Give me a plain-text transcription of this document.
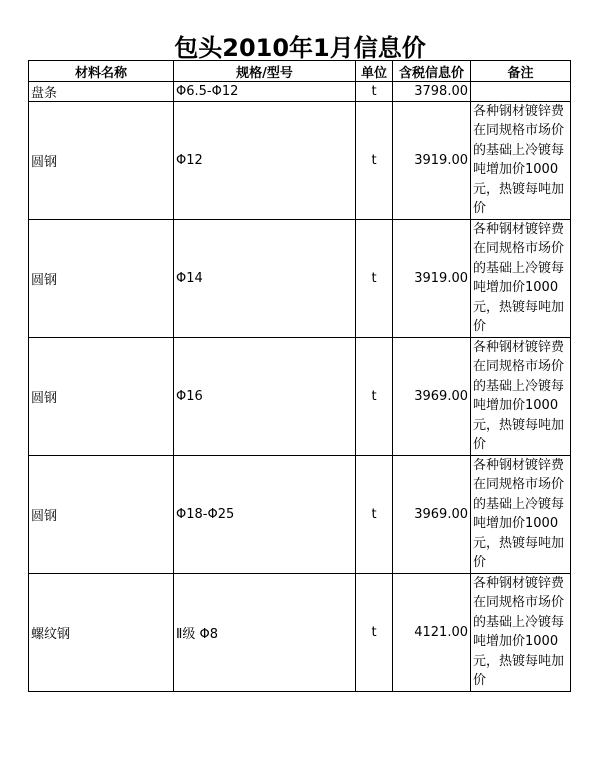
包头2010年1月信息价
材料名称	规格/型号	单位	含税信息价	备注
盘条	Φ6.5-Φ12	t	3798.00	
圆钢	Φ12	t	3919.00	各种钢材镀锌费在同规格市场价的基础上冷镀每吨增加价1000元，热镀每吨加价
圆钢	Φ14	t	3919.00	各种钢材镀锌费在同规格市场价的基础上冷镀每吨增加价1000元，热镀每吨加价
圆钢	Φ16	t	3969.00	各种钢材镀锌费在同规格市场价的基础上冷镀每吨增加价1000元，热镀每吨加价
圆钢	Φ18-Φ25	t	3969.00	各种钢材镀锌费在同规格市场价的基础上冷镀每吨增加价1000元，热镀每吨加价
螺纹钢	Ⅱ级 Φ8	t	4121.00	各种钢材镀锌费在同规格市场价的基础上冷镀每吨增加价1000元，热镀每吨加价
